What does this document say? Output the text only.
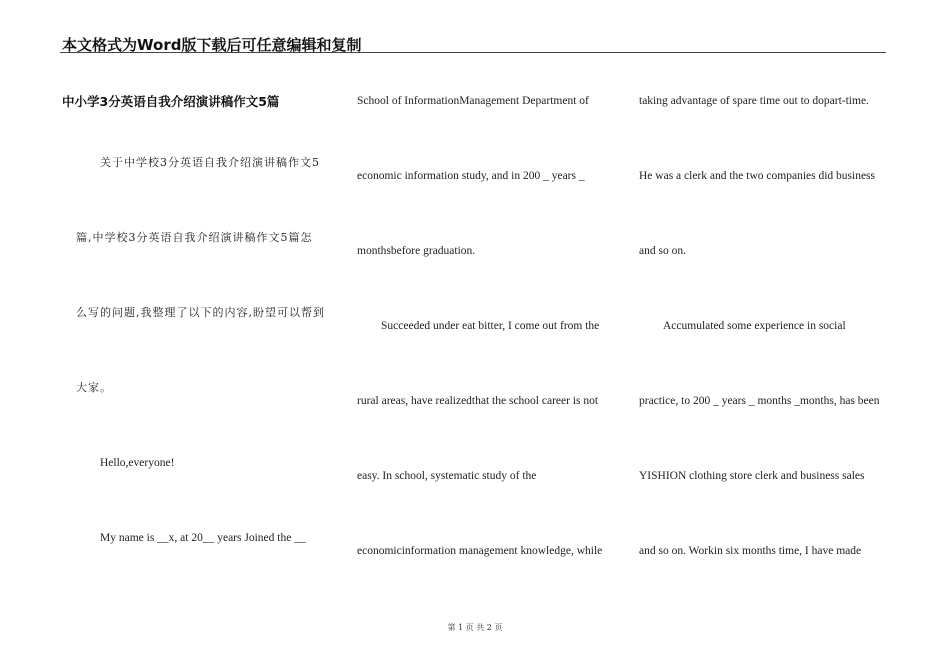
本文格式为Word版下载后可任意编辑和复制
中小学3分英语自我介绍演讲稿作文5篇
关于中学校3分英语自我介绍演讲稿作文5
篇,中学校3分英语自我介绍演讲稿作文5篇怎
么写的问题,我整理了以下的内容,盼望可以帮到
大家。
Hello,everyone!
My name is __x, at 20__ years Joined the __
School of InformationManagement Department of
economic information study, and in 200 _ years _
monthsbefore graduation.
Succeeded under eat bitter, I come out from the
rural areas, have realizedthat the school career is not
easy. In school, systematic study of the
economicinformation management knowledge, while
taking advantage of spare time out to dopart-time.
He was a clerk and the two companies did business
and so on.
Accumulated some experience in social
practice, to 200 _ years _ months _months, has been
YISHION clothing store clerk and business sales
and so on. Workin six months time, I have made
第 1 页 共 2 页
